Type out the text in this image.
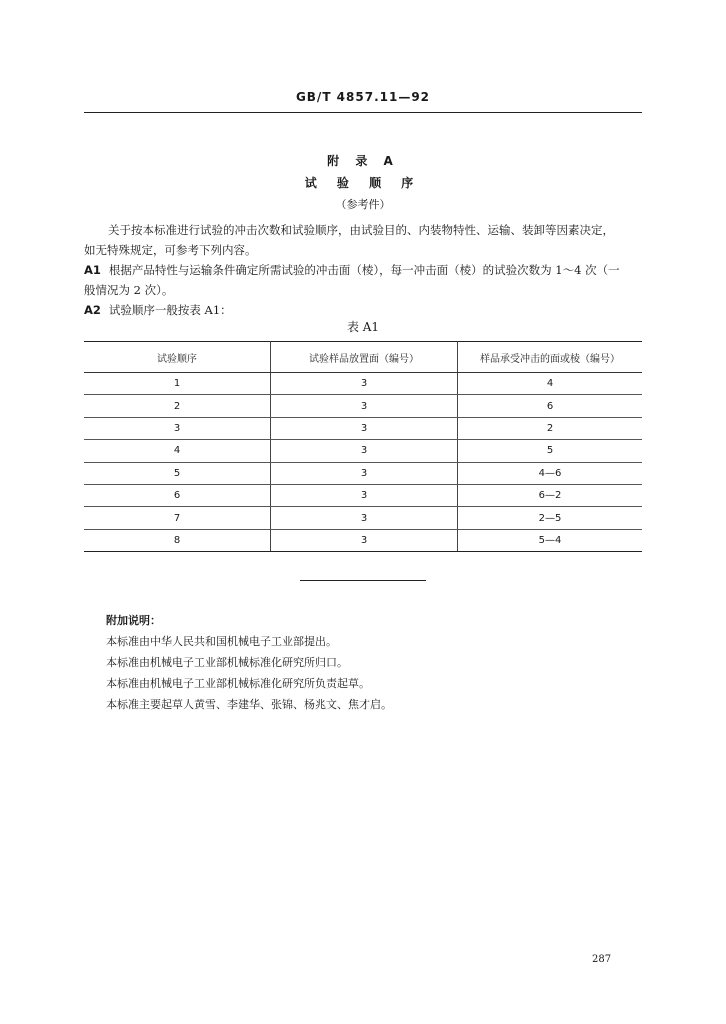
GB/T 4857.11—92
附 录 A
试 验 顺 序
（参考件）
关于按本标准进行试验的冲击次数和试验顺序，由试验目的、内装物特性、运输、装卸等因素决定，
如无特殊规定，可参考下列内容。
A1 根据产品特性与运输条件确定所需试验的冲击面（棱），每一冲击面（棱）的试验次数为 1～4 次（一
般情况为 2 次）。
A2 试验顺序一般按表 A1：
表 A1
试验顺序	试验样品放置面（编号）	样品承受冲击的面或棱（编号）
1	3	4
2	3	6
3	3	2
4	3	5
5	3	4—6
6	3	6—2
7	3	2—5
8	3	5—4
附加说明：
本标准由中华人民共和国机械电子工业部提出。
本标准由机械电子工业部机械标准化研究所归口。
本标准由机械电子工业部机械标准化研究所负责起草。
本标准主要起草人黄雪、李建华、张锦、杨兆文、焦才启。
287
